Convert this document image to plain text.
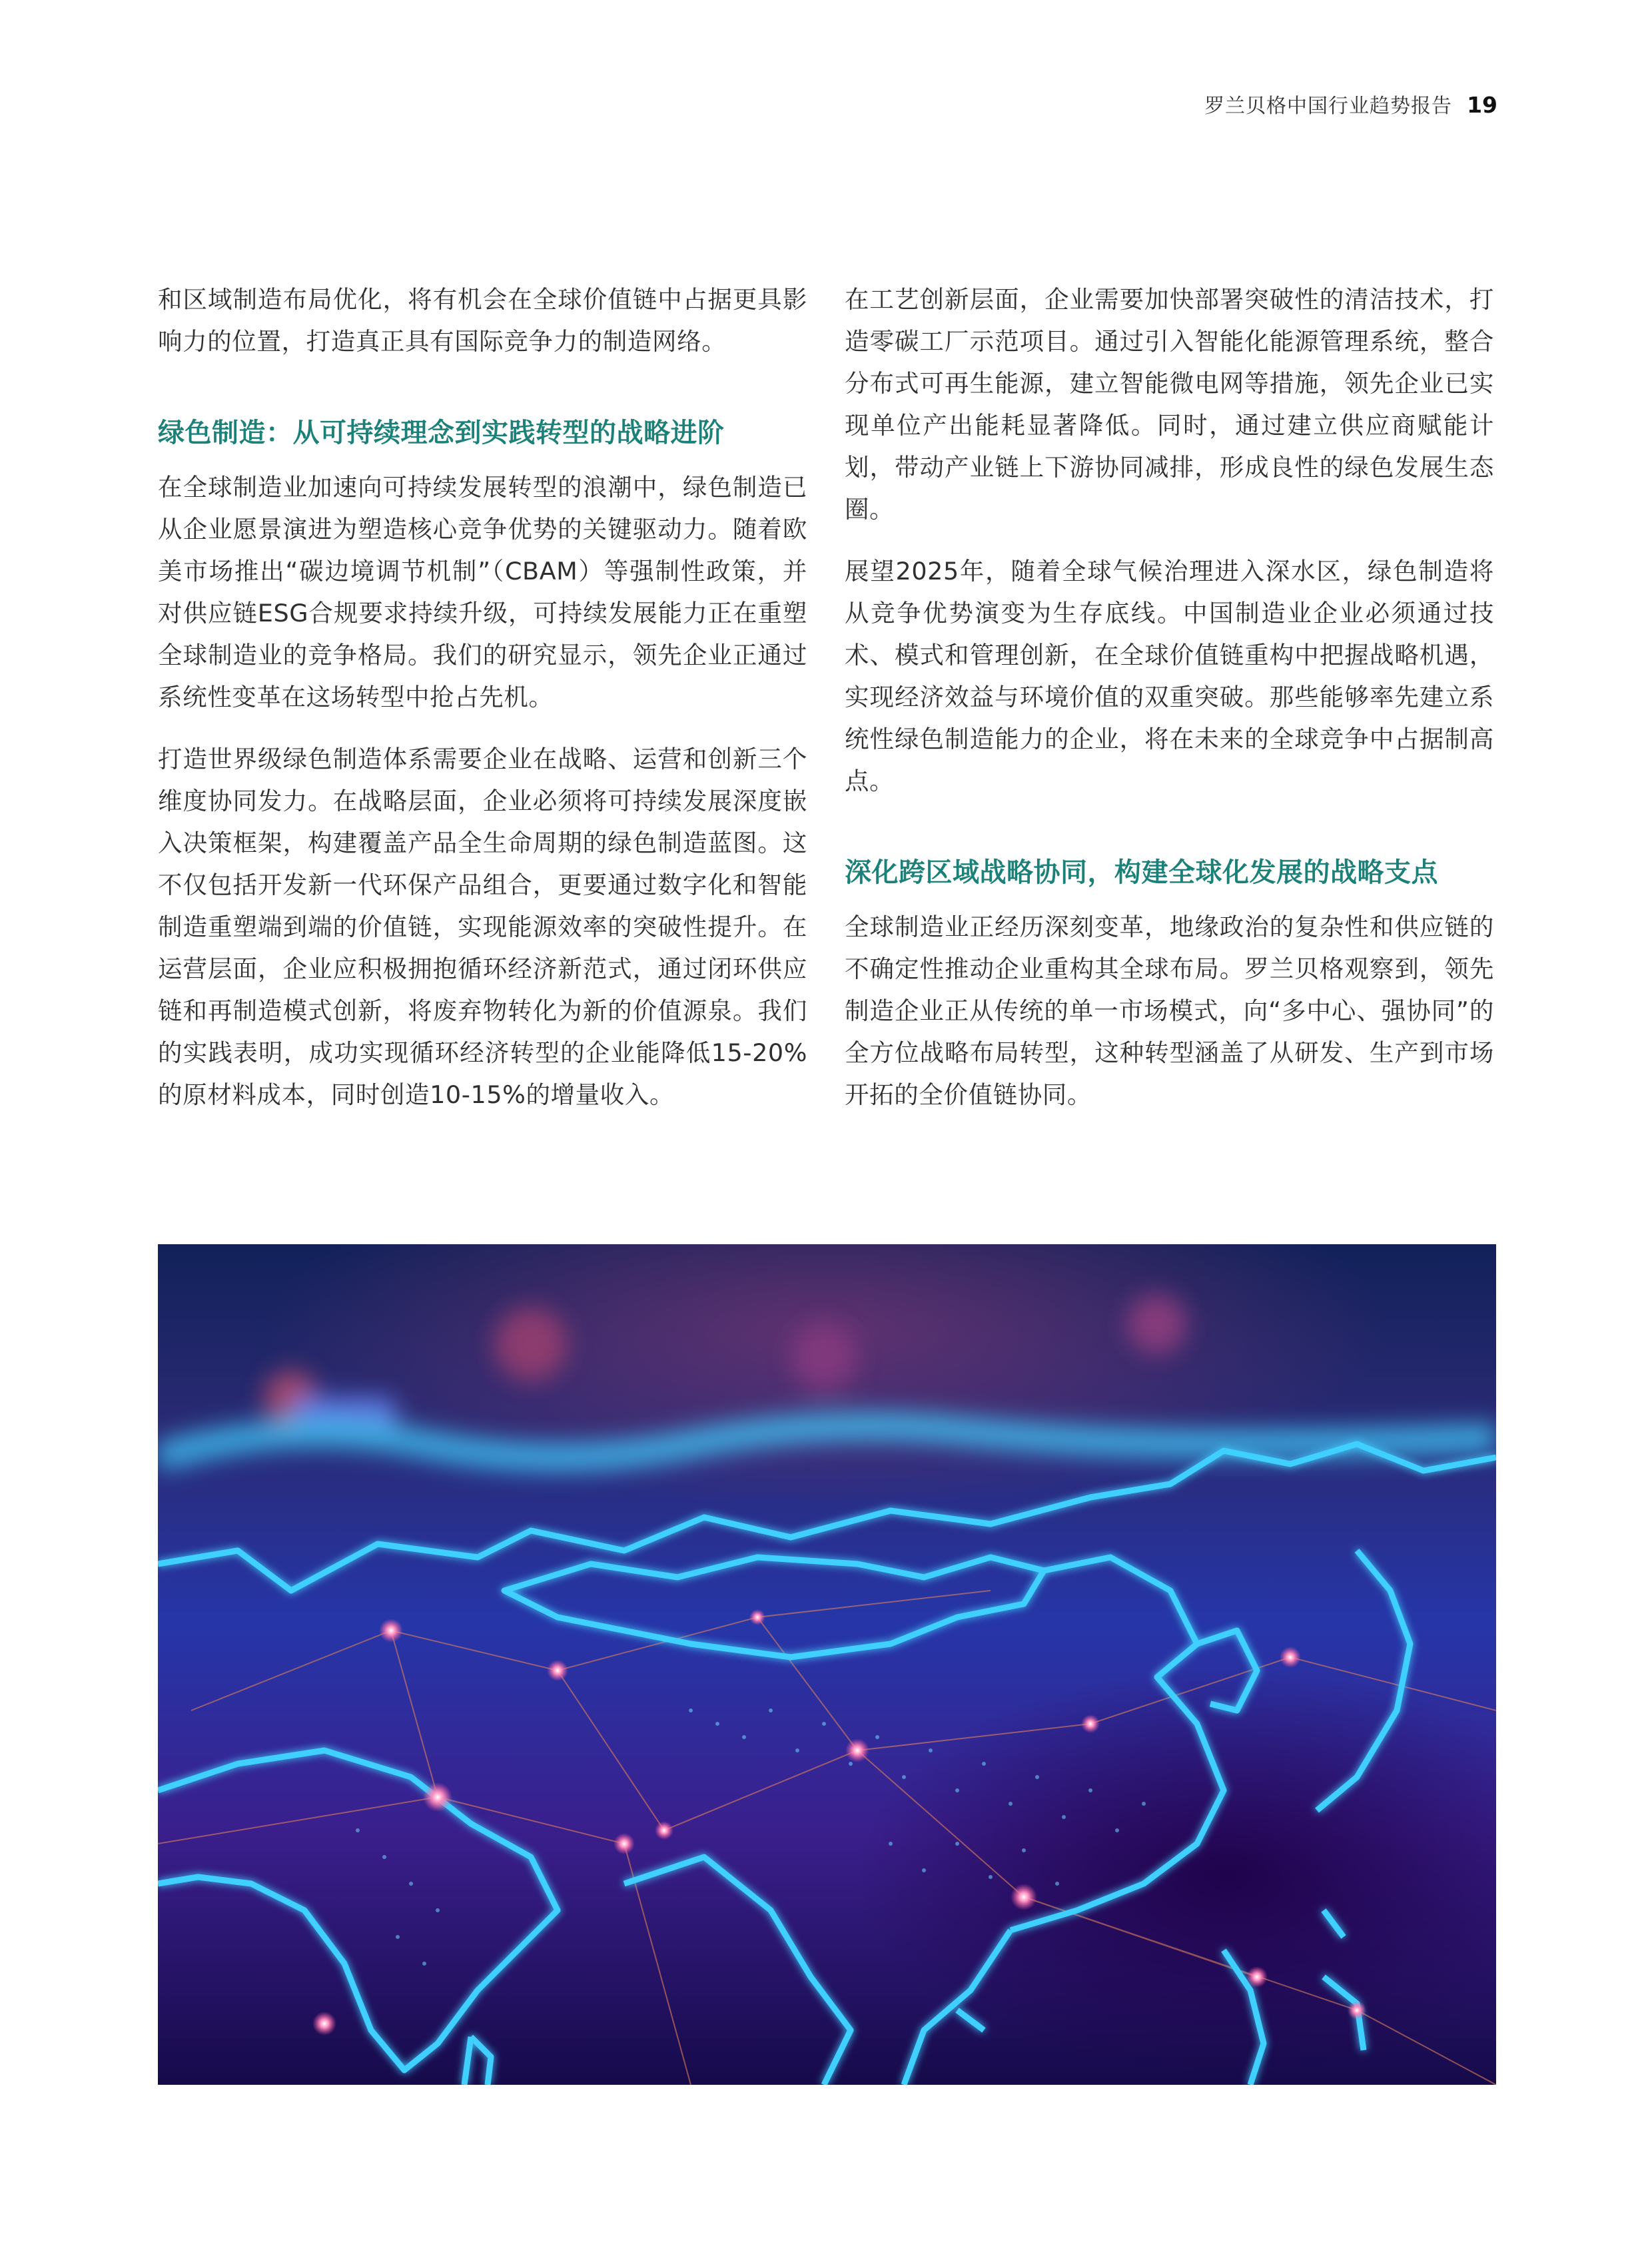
罗兰贝格中国行业趋势报告 19

和区域制造布局优化，将有机会在全球价值链中占据更具影响力的位置，打造真正具有国际竞争力的制造网络。

绿色制造：从可持续理念到实践转型的战略进阶

在全球制造业加速向可持续发展转型的浪潮中，绿色制造已从企业愿景演进为塑造核心竞争优势的关键驱动力。随着欧美市场推出“碳边境调节机制”（CBAM）等强制性政策，并对供应链ESG合规要求持续升级，可持续发展能力正在重塑全球制造业的竞争格局。我们的研究显示，领先企业正通过系统性变革在这场转型中抢占先机。

打造世界级绿色制造体系需要企业在战略、运营和创新三个维度协同发力。在战略层面，企业必须将可持续发展深度嵌入决策框架，构建覆盖产品全生命周期的绿色制造蓝图。这不仅包括开发新一代环保产品组合，更要通过数字化和智能制造重塑端到端的价值链，实现能源效率的突破性提升。在运营层面，企业应积极拥抱循环经济新范式，通过闭环供应链和再制造模式创新，将废弃物转化为新的价值源泉。我们的实践表明，成功实现循环经济转型的企业能降低15-20%的原材料成本，同时创造10-15%的增量收入。

在工艺创新层面，企业需要加快部署突破性的清洁技术，打造零碳工厂示范项目。通过引入智能化能源管理系统，整合分布式可再生能源，建立智能微电网等措施，领先企业已实现单位产出能耗显著降低。同时，通过建立供应商赋能计划，带动产业链上下游协同减排，形成良性的绿色发展生态圈。

展望2025年，随着全球气候治理进入深水区，绿色制造将从竞争优势演变为生存底线。中国制造业企业必须通过技术、模式和管理创新，在全球价值链重构中把握战略机遇，实现经济效益与环境价值的双重突破。那些能够率先建立系统性绿色制造能力的企业，将在未来的全球竞争中占据制高点。

深化跨区域战略协同，构建全球化发展的战略支点

全球制造业正经历深刻变革，地缘政治的复杂性和供应链的不确定性推动企业重构其全球布局。罗兰贝格观察到，领先制造企业正从传统的单一市场模式，向“多中心、强协同”的全方位战略布局转型，这种转型涵盖了从研发、生产到市场开拓的全价值链协同。
